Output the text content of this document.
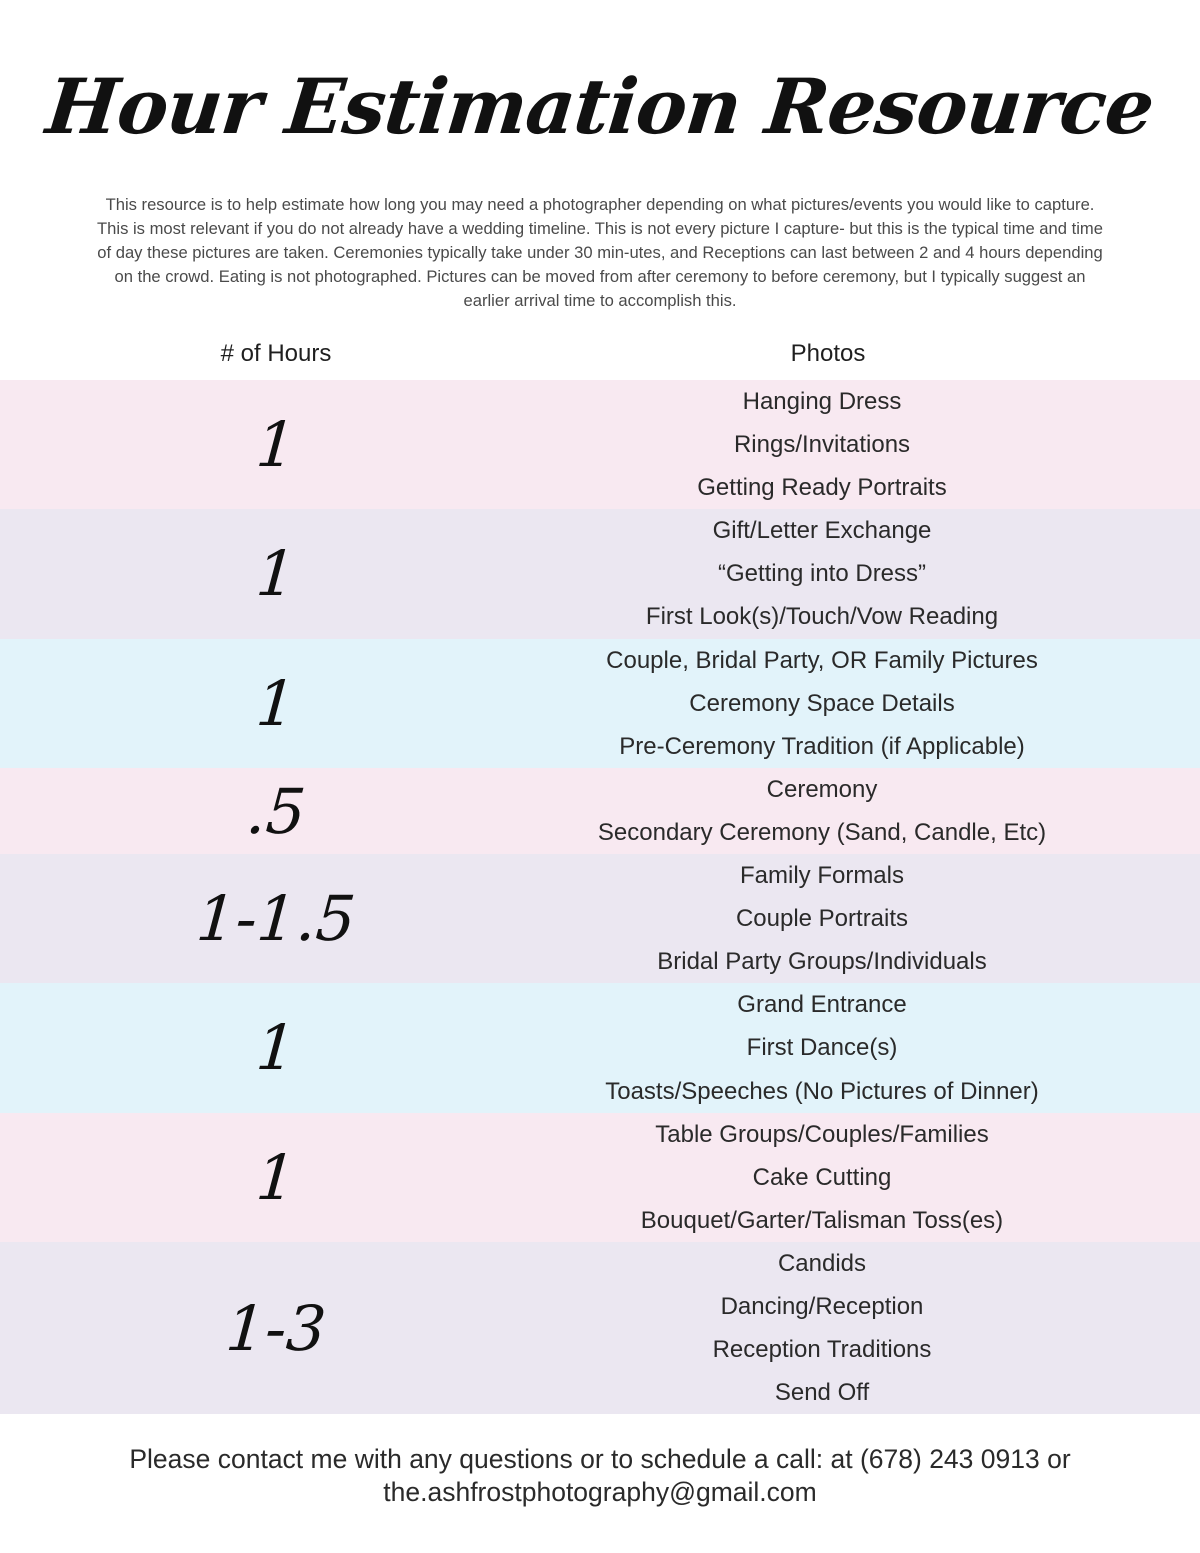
Hour Estimation Resource
This resource is to help estimate how long you may need a photographer depending on what pictures/events you would like to capture. This is most relevant if you do not already have a wedding timeline. This is not every picture I capture- but this is the typical time and time of day these pictures are taken. Ceremonies typically take under 30 min-utes, and Receptions can last between 2 and 4 hours depending on the crowd. Eating is not photographed. Pictures can be moved from after ceremony to before ceremony, but I typically suggest an earlier arrival time to accomplish this.
# of Hours	Photos
1
Hanging Dress
Rings/Invitations
Getting Ready Portraits
1
Gift/Letter Exchange
“Getting into Dress”
First Look(s)/Touch/Vow Reading
1
Couple, Bridal Party, OR Family Pictures
Ceremony Space Details
Pre-Ceremony Tradition (if Applicable)
.5	Ceremony
Secondary Ceremony (Sand, Candle, Etc)
1-1.5
Family Formals
Couple Portraits
Bridal Party Groups/Individuals
1
Grand Entrance
First Dance(s)
Toasts/Speeches (No Pictures of Dinner)
1
Table Groups/Couples/Families
Cake Cutting
Bouquet/Garter/Talisman Toss(es)
1-3
Candids
Dancing/Reception
Reception Traditions
Send Off
Please contact me with any questions or to schedule a call: at (678) 243 0913 or
the.ashfrostphotography@gmail.com
